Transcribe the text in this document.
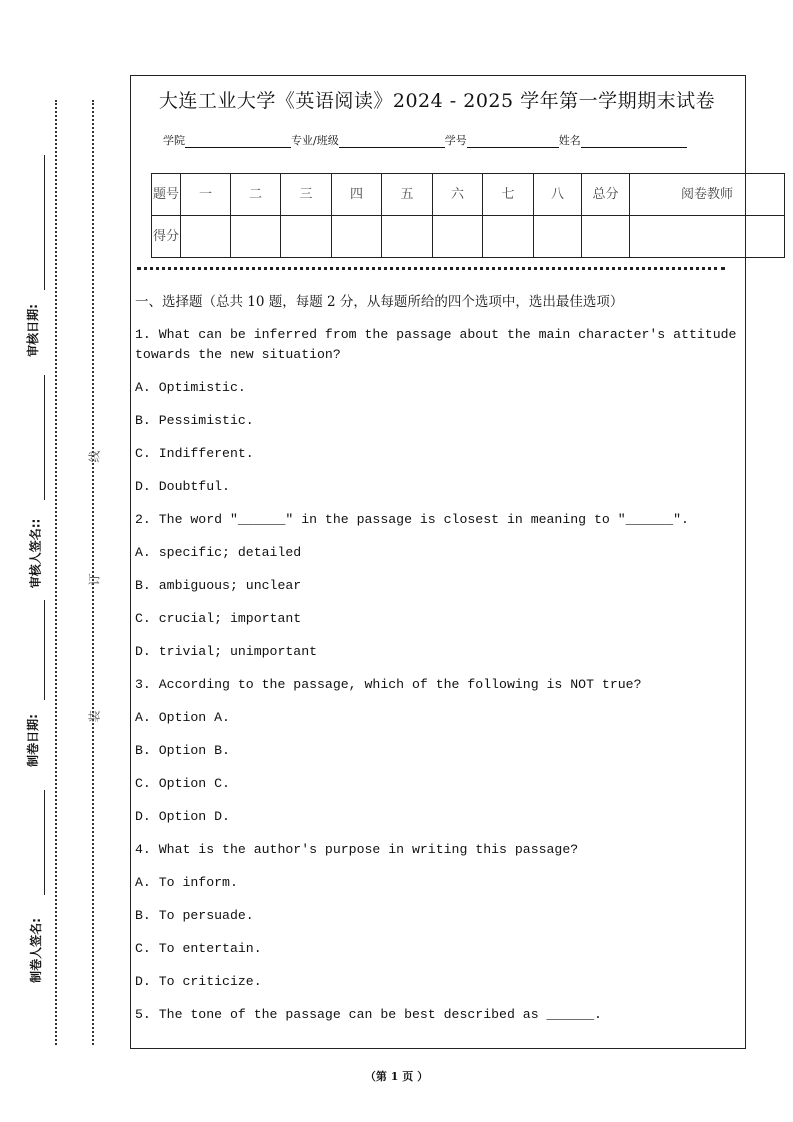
审核日期:
审核人签名::
制卷日期:
制卷人签名:
线
订
装
大连工业大学《英语阅读》2024 - 2025 学年第一学期期末试卷
学院	专业/班级	学号	姓名
题号	一	二	三	四	五	六	七	八	总分	阅卷教师
得分										
一、选择题（总共 10 题，每题 2 分，从每题所给的四个选项中，选出最佳选项）
1. What can be inferred from the passage about the main character's attitude towards the new situation?
A. Optimistic.
B. Pessimistic.
C. Indifferent.
D. Doubtful.
2. The word "______" in the passage is closest in meaning to "______".
A. specific; detailed
B. ambiguous; unclear
C. crucial; important
D. trivial; unimportant
3. According to the passage, which of the following is NOT true?
A. Option A.
B. Option B.
C. Option C.
D. Option D.
4. What is the author's purpose in writing this passage?
A. To inform.
B. To persuade.
C. To entertain.
D. To criticize.
5. The tone of the passage can be best described as ______.
（第 1 页 ）
